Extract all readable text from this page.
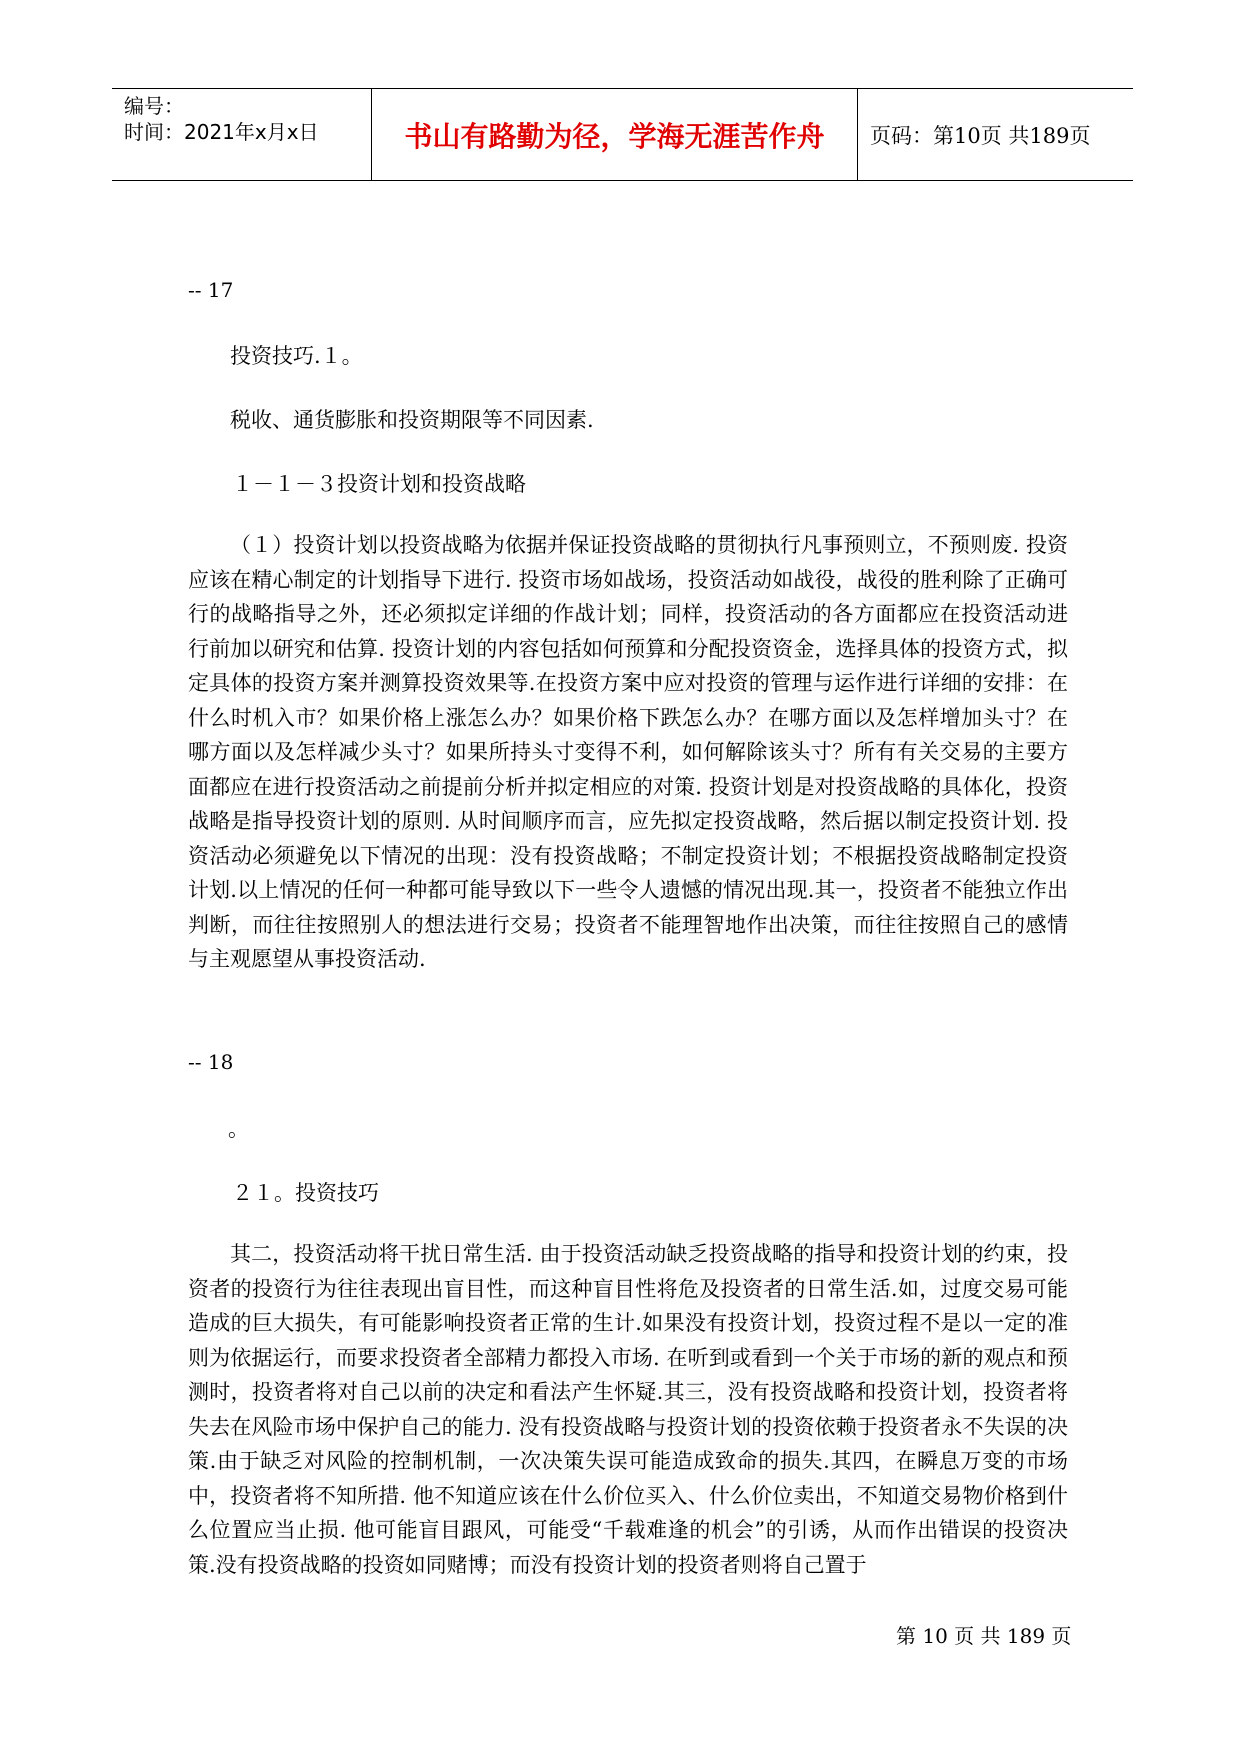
编号：
时间：2021年x月x日	书山有路勤为径，学海无涯苦作舟	页码：第10页 共189页
-- 17
投资技巧.１。
税收、通货膨胀和投资期限等不同因素.
１－１－３投资计划和投资战略
（１）投资计划以投资战略为依据并保证投资战略的贯彻执行凡事预则立，不预则废. 投资应该在精心制定的计划指导下进行. 投资市场如战场，投资活动如战役，战役的胜利除了正确可行的战略指导之外，还必须拟定详细的作战计划；同样，投资活动的各方面都应在投资活动进行前加以研究和估算. 投资计划的内容包括如何预算和分配投资资金，选择具体的投资方式，拟定具体的投资方案并测算投资效果等.在投资方案中应对投资的管理与运作进行详细的安排：在什么时机入市？如果价格上涨怎么办？如果价格下跌怎么办？在哪方面以及怎样增加头寸？在哪方面以及怎样减少头寸？如果所持头寸变得不利，如何解除该头寸？所有有关交易的主要方面都应在进行投资活动之前提前分析并拟定相应的对策. 投资计划是对投资战略的具体化，投资战略是指导投资计划的原则. 从时间顺序而言，应先拟定投资战略，然后据以制定投资计划. 投资活动必须避免以下情况的出现：没有投资战略；不制定投资计划；不根据投资战略制定投资计划.以上情况的任何一种都可能导致以下一些令人遗憾的情况出现.其一，投资者不能独立作出判断，而往往按照别人的想法进行交易；投资者不能理智地作出决策，而往往按照自己的感情与主观愿望从事投资活动.
-- 18
。
２１。投资技巧
其二，投资活动将干扰日常生活. 由于投资活动缺乏投资战略的指导和投资计划的约束，投资者的投资行为往往表现出盲目性，而这种盲目性将危及投资者的日常生活.如，过度交易可能造成的巨大损失，有可能影响投资者正常的生计.如果没有投资计划，投资过程不是以一定的准则为依据运行，而要求投资者全部精力都投入市场. 在听到或看到一个关于市场的新的观点和预测时，投资者将对自己以前的决定和看法产生怀疑.其三，没有投资战略和投资计划，投资者将失去在风险市场中保护自己的能力. 没有投资战略与投资计划的投资依赖于投资者永不失误的决策.由于缺乏对风险的控制机制，一次决策失误可能造成致命的损失.其四，在瞬息万变的市场中，投资者将不知所措. 他不知道应该在什么价位买入、什么价位卖出，不知道交易物价格到什么位置应当止损. 他可能盲目跟风，可能受“千载难逢的机会”的引诱，从而作出错误的投资决策.没有投资战略的投资如同赌博；而没有投资计划的投资者则将自己置于
第 10 页 共 189 页
